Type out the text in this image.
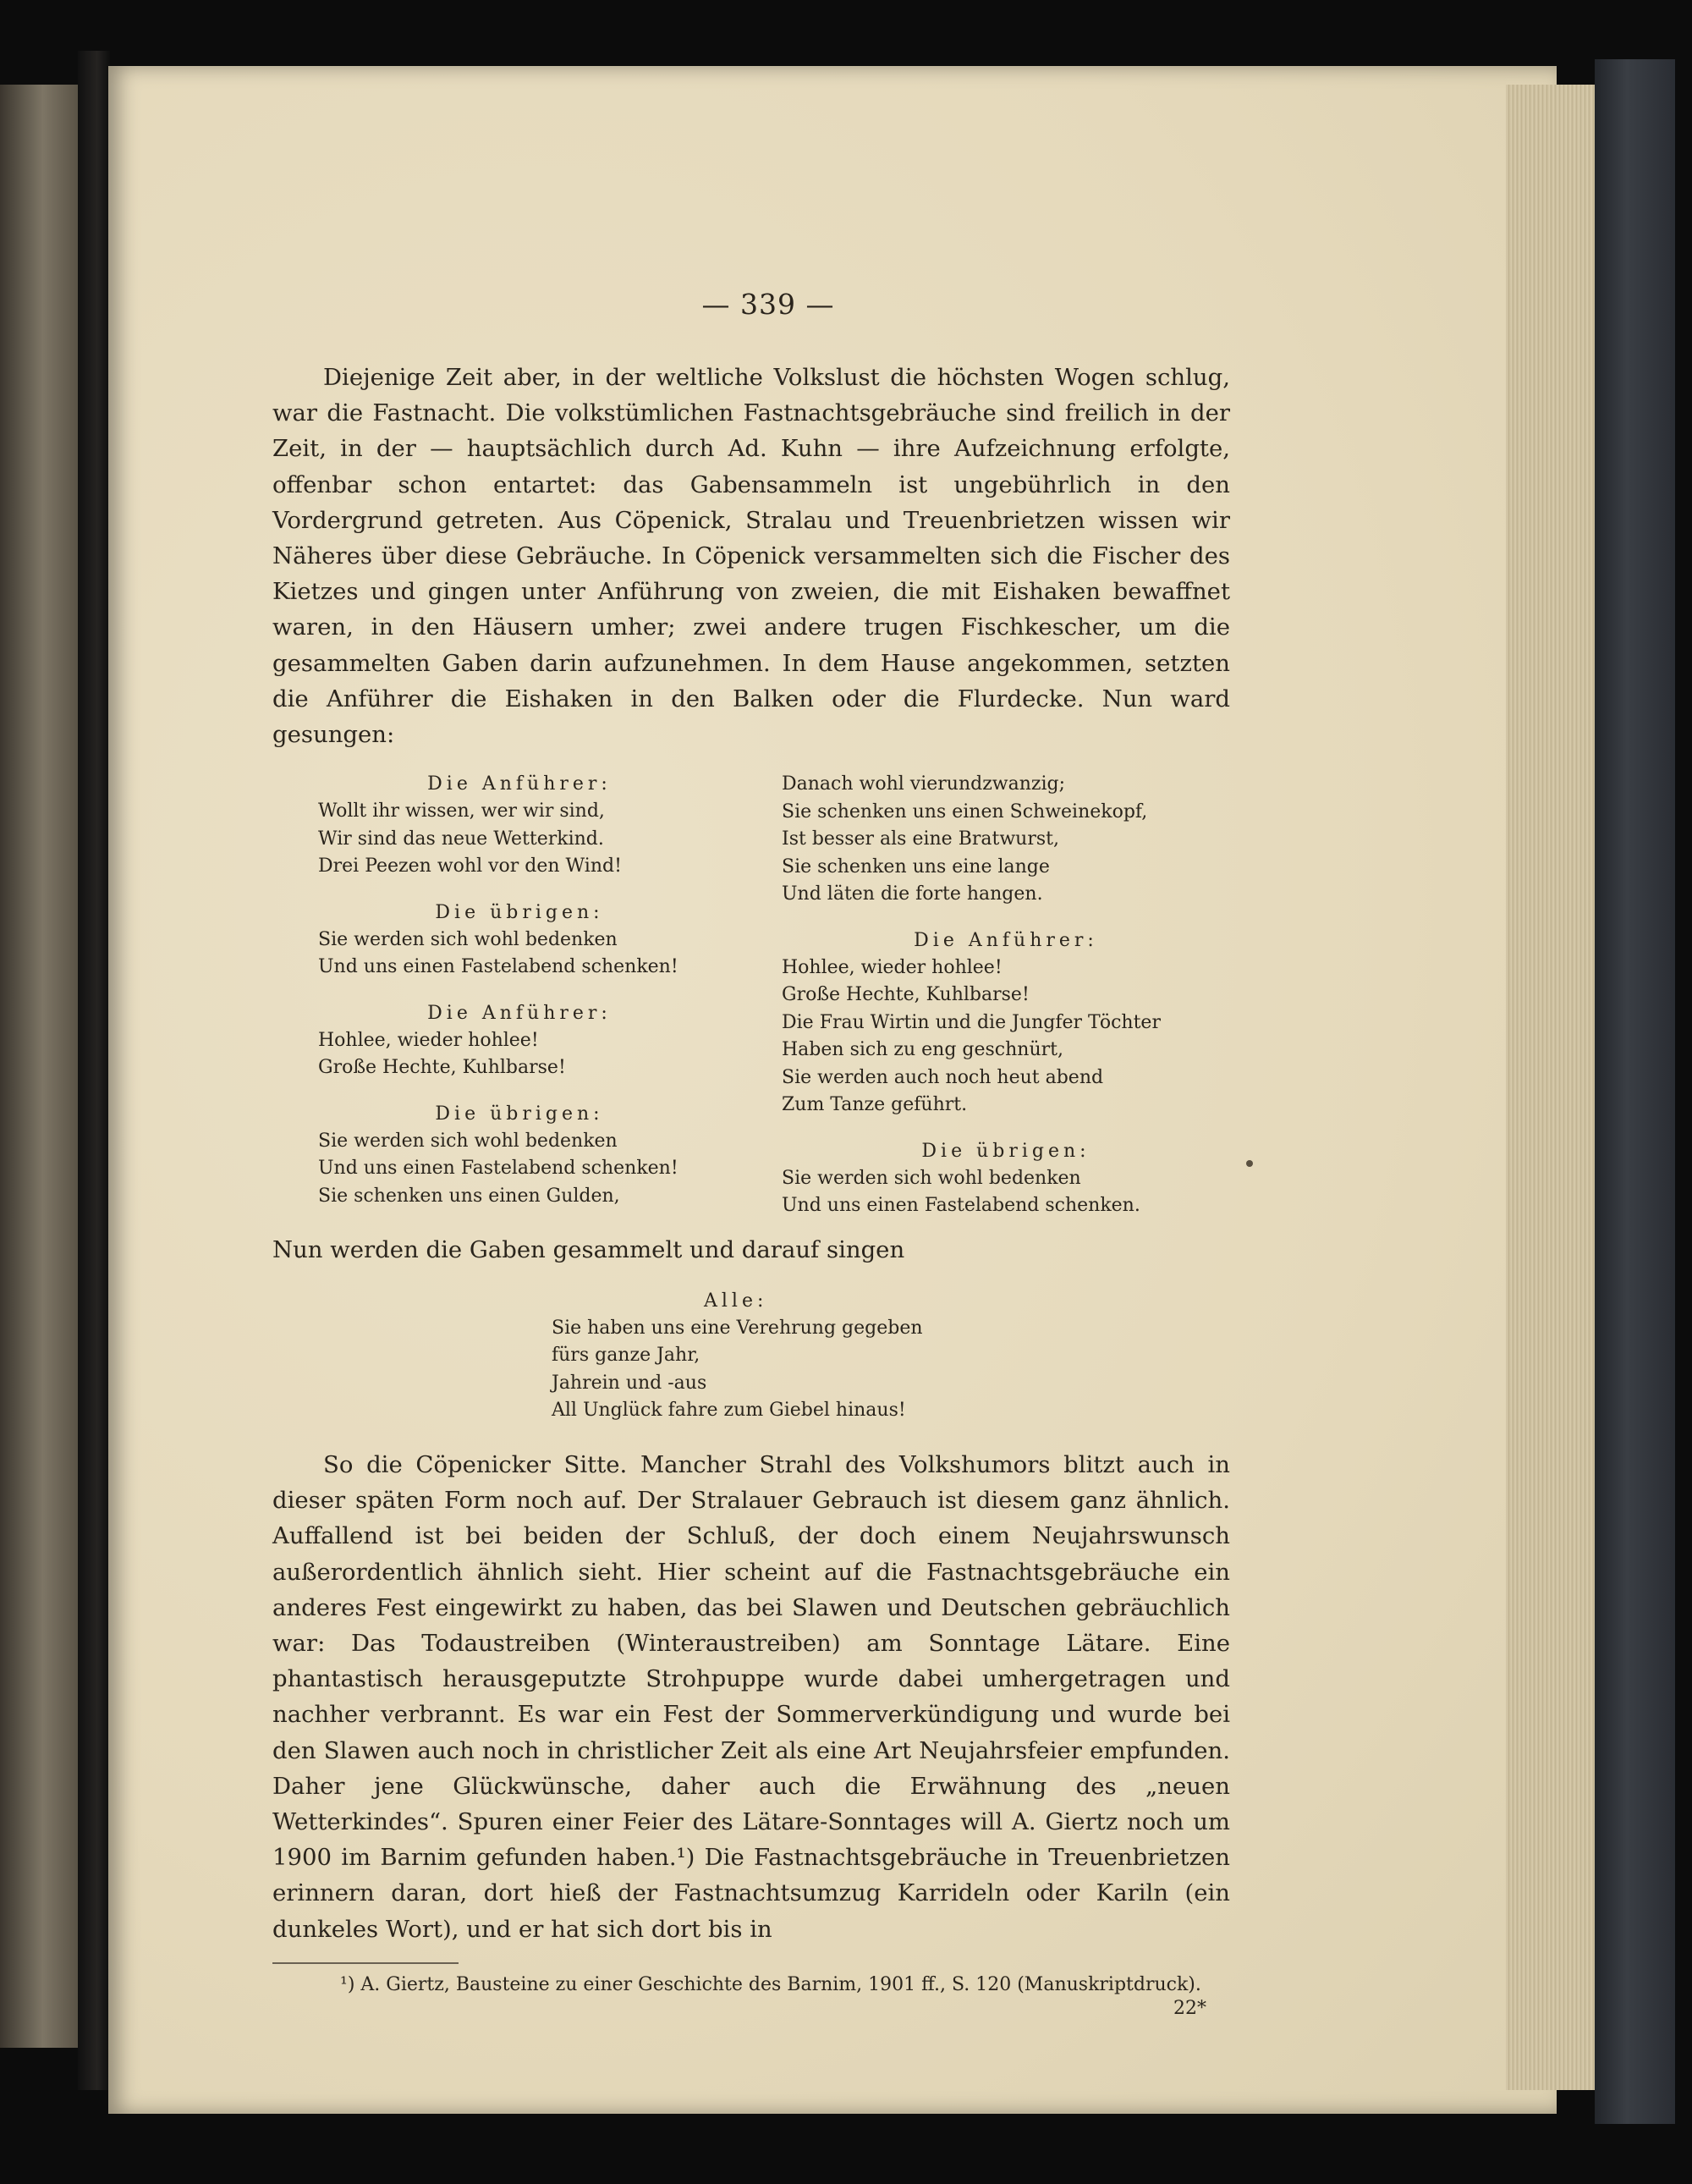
— 339 —

Diejenige Zeit aber, in der weltliche Volkslust die höchsten Wogen schlug, war die Fastnacht. Die volkstümlichen Fastnachtsgebräuche sind freilich in der Zeit, in der — hauptsächlich durch Ad. Kuhn — ihre Aufzeichnung erfolgte, offenbar schon entartet: das Gabensammeln ist ungebührlich in den Vordergrund getreten. Aus Cöpenick, Stralau und Treuenbrietzen wissen wir Näheres über diese Gebräuche. In Cöpenick versammelten sich die Fischer des Kietzes und gingen unter Anführung von zweien, die mit Eishaken bewaffnet waren, in den Häusern umher; zwei andere trugen Fischkescher, um die gesammelten Gaben darin aufzunehmen. In dem Hause angekommen, setzten die Anführer die Eishaken in den Balken oder die Flurdecke. Nun ward gesungen:

Die Anführer:

Wollt ihr wissen, wer wir sind,

Wir sind das neue Wetterkind.

Drei Peezen wohl vor den Wind!

Die übrigen:

Sie werden sich wohl bedenken

Und uns einen Fastelabend schenken!

Die Anführer:

Hohlee, wieder hohlee!

Große Hechte, Kuhlbarse!

Die übrigen:

Sie werden sich wohl bedenken

Und uns einen Fastelabend schenken!

Sie schenken uns einen Gulden,

Danach wohl vierundzwanzig;

Sie schenken uns einen Schweinekopf,

Ist besser als eine Bratwurst,

Sie schenken uns eine lange

Und läten die forte hangen.

Die Anführer:

Hohlee, wieder hohlee!

Große Hechte, Kuhlbarse!

Die Frau Wirtin und die Jungfer Töchter

Haben sich zu eng geschnürt,

Sie werden auch noch heut abend

Zum Tanze geführt.

Die übrigen:

Sie werden sich wohl bedenken

Und uns einen Fastelabend schenken.

Nun werden die Gaben gesammelt und darauf singen

Alle:

Sie haben uns eine Verehrung gegeben

fürs ganze Jahr,

Jahrein und -aus

All Unglück fahre zum Giebel hinaus!

So die Cöpenicker Sitte. Mancher Strahl des Volkshumors blitzt auch in dieser späten Form noch auf. Der Stralauer Gebrauch ist diesem ganz ähnlich. Auffallend ist bei beiden der Schluß, der doch einem Neujahrswunsch außerordentlich ähnlich sieht. Hier scheint auf die Fastnachtsgebräuche ein anderes Fest eingewirkt zu haben, das bei Slawen und Deutschen gebräuchlich war: Das Todaustreiben (Winteraustreiben) am Sonntage Lätare. Eine phantastisch herausgeputzte Strohpuppe wurde dabei umhergetragen und nachher verbrannt. Es war ein Fest der Sommerverkündigung und wurde bei den Slawen auch noch in christlicher Zeit als eine Art Neujahrsfeier empfunden. Daher jene Glückwünsche, daher auch die Erwähnung des „neuen Wetterkindes“. Spuren einer Feier des Lätare-Sonntages will A. Giertz noch um 1900 im Barnim gefunden haben.¹) Die Fastnachtsgebräuche in Treuenbrietzen erinnern daran, dort hieß der Fastnachtsumzug Karrideln oder Kariln (ein dunkeles Wort), und er hat sich dort bis in

¹) A. Giertz, Bausteine zu einer Geschichte des Barnim, 1901 ff., S. 120 (Manuskriptdruck).

22*
